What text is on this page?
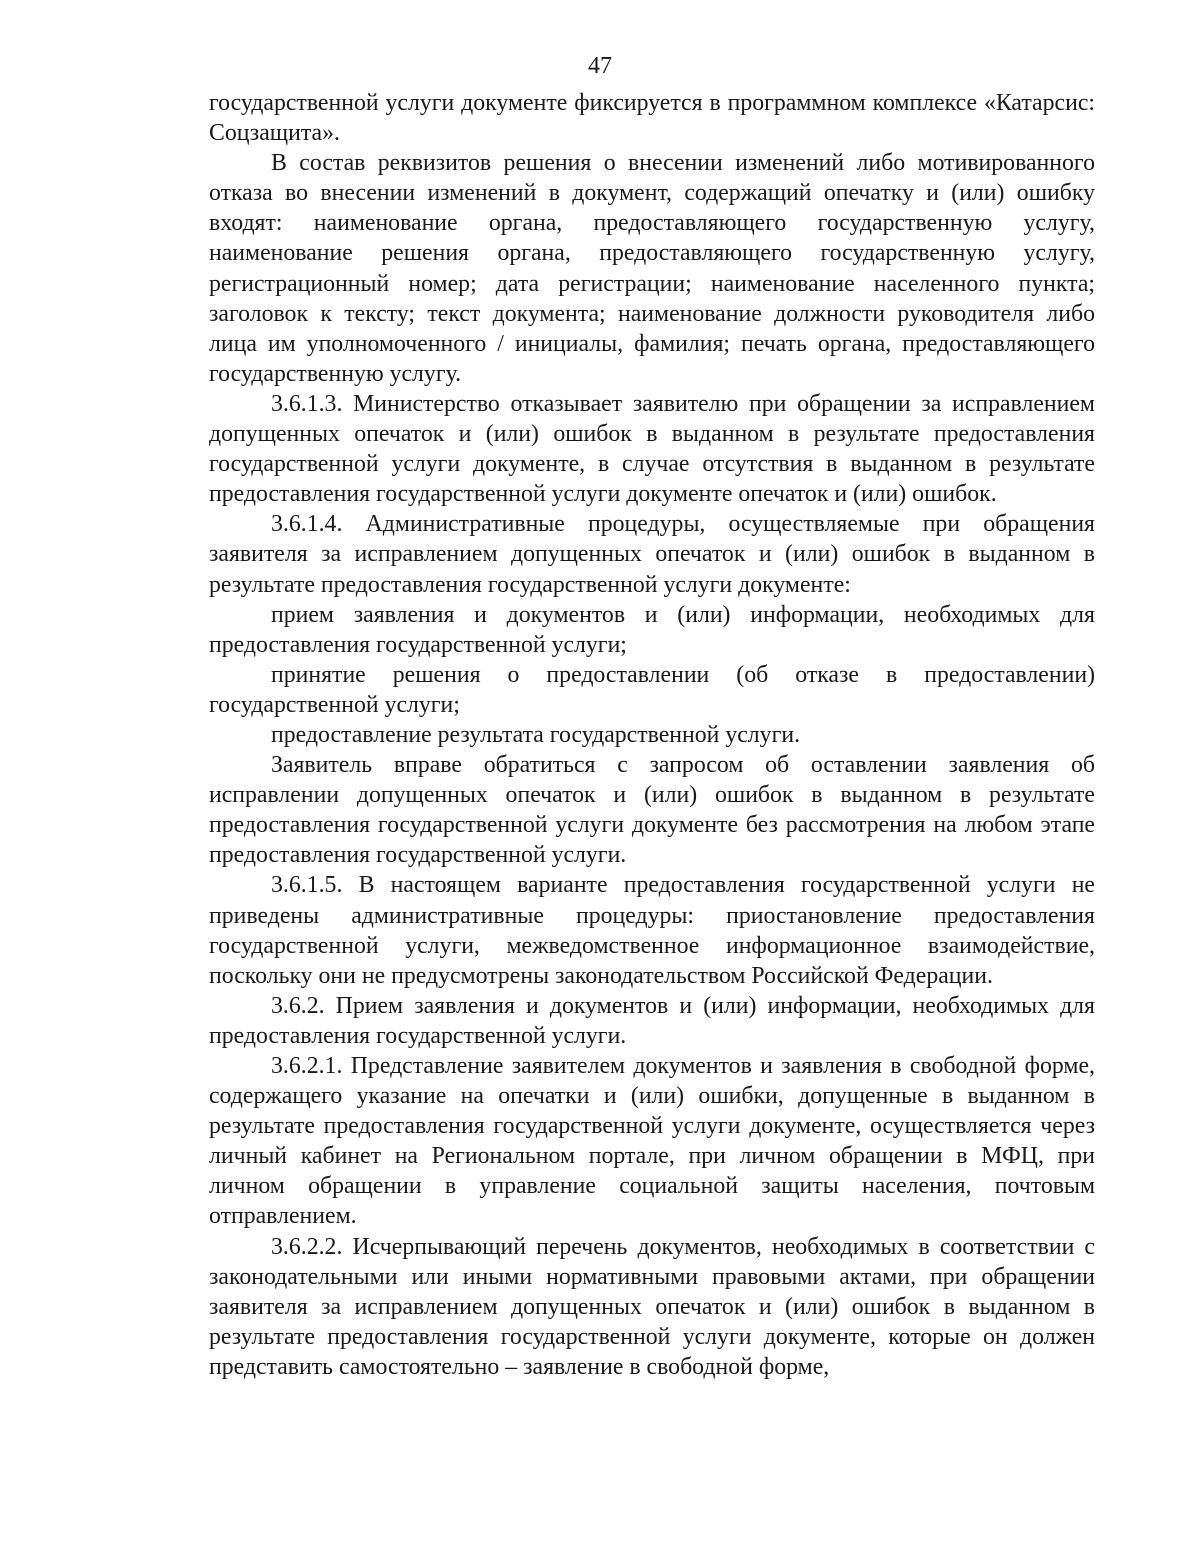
47

государственной услуги документе фиксируется в программном комплексе «Катарсис: Соцзащита».

В состав реквизитов решения о внесении изменений либо мотивированного отказа во внесении изменений в документ, содержащий опечатку и (или) ошибку входят: наименование органа, предоставляющего государственную услугу, наименование решения органа, предоставляющего государственную услугу, регистрационный номер; дата регистрации; наименование населенного пункта; заголовок к тексту; текст документа; наименование должности руководителя либо лица им уполномоченного / инициалы, фамилия; печать органа, предоставляющего государственную услугу.

3.6.1.3. Министерство отказывает заявителю при обращении за исправлением допущенных опечаток и (или) ошибок в выданном в результате предоставления государственной услуги документе, в случае отсутствия в выданном в результате предоставления государственной услуги документе опечаток и (или) ошибок.

3.6.1.4. Административные процедуры, осуществляемые при обращения заявителя за исправлением допущенных опечаток и (или) ошибок в выданном в результате предоставления государственной услуги документе:

прием заявления и документов и (или) информации, необходимых для предоставления государственной услуги;

принятие решения о предоставлении (об отказе в предоставлении) государственной услуги;

предоставление результата государственной услуги.

Заявитель вправе обратиться с запросом об оставлении заявления об исправлении допущенных опечаток и (или) ошибок в выданном в результате предоставления государственной услуги документе без рассмотрения на любом этапе предоставления государственной услуги.

3.6.1.5. В настоящем варианте предоставления государственной услуги не приведены административные процедуры: приостановление предоставления государственной услуги, межведомственное информационное взаимодействие, поскольку они не предусмотрены законодательством Российской Федерации.

3.6.2. Прием заявления и документов и (или) информации, необходимых для предоставления государственной услуги.

3.6.2.1. Представление заявителем документов и заявления в свободной форме, содержащего указание на опечатки и (или) ошибки, допущенные в выданном в результате предоставления государственной услуги документе, осуществляется через личный кабинет на Региональном портале, при личном обращении в МФЦ, при личном обращении в управление социальной защиты населения, почтовым отправлением.

3.6.2.2. Исчерпывающий перечень документов, необходимых в соответствии с законодательными или иными нормативными правовыми актами, при обращении заявителя за исправлением допущенных опечаток и (или) ошибок в выданном в результате предоставления государственной услуги документе, которые он должен представить самостоятельно – заявление в свободной форме,
